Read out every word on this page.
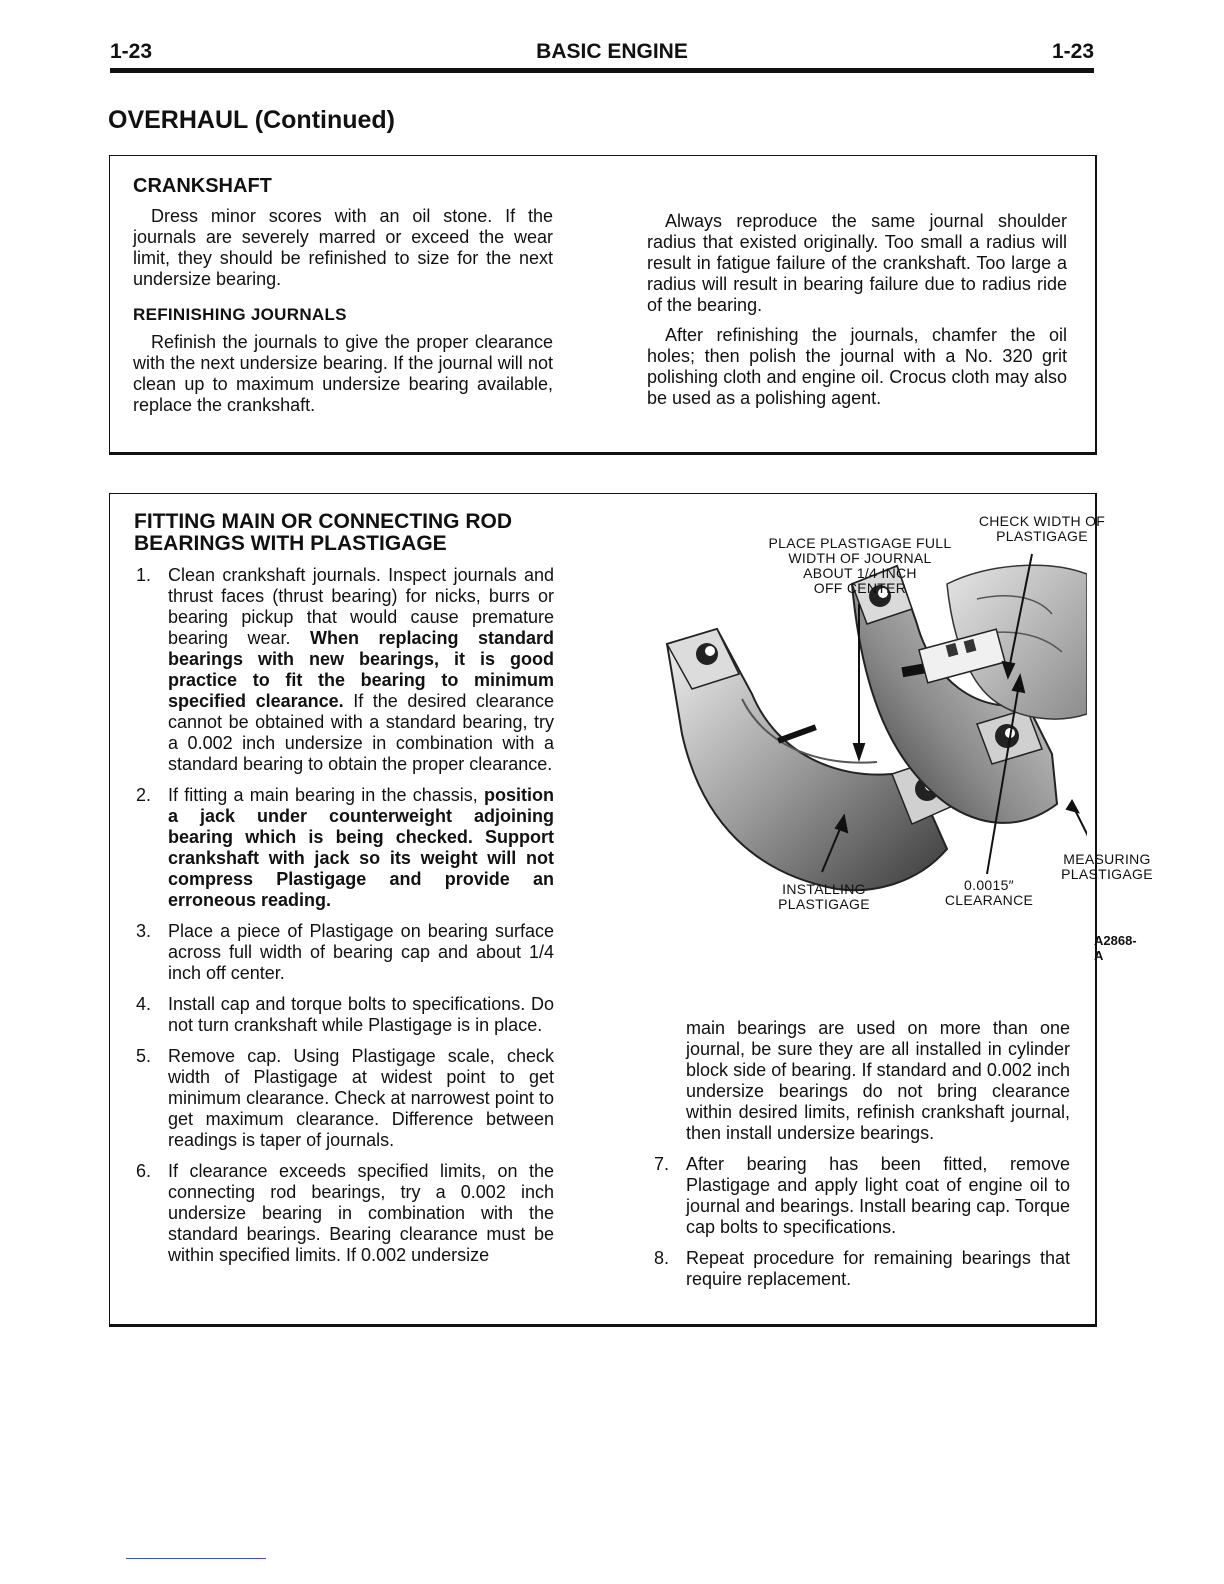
1-23	BASIC ENGINE	1-23
OVERHAUL (Continued)
CRANKSHAFT

Dress minor scores with an oil stone. If the journals are severely marred or exceed the wear limit, they should be refinished to size for the next undersize bearing.

REFINISHING JOURNALS

Refinish the journals to give the proper clearance with the next undersize bearing. If the journal will not clean up to maximum undersize bearing available, replace the crankshaft.

Always reproduce the same journal shoulder radius that existed originally. Too small a radius will result in fatigue failure of the crankshaft. Too large a radius will result in bearing failure due to radius ride of the bearing.

After refinishing the journals, chamfer the oil holes; then polish the journal with a No. 320 grit polishing cloth and engine oil. Crocus cloth may also be used as a polishing agent.

FITTING MAIN OR CONNECTING ROD
BEARINGS WITH PLASTIGAGE
1. Clean crankshaft journals. Inspect journals and thrust faces (thrust bearing) for nicks, burrs or bearing pickup that would cause premature bearing wear. When replacing standard bearings with new bearings, it is good practice to fit the bearing to minimum specified clearance. If the desired clearance cannot be obtained with a standard bearing, try a 0.002 inch undersize in combination with a standard bearing to obtain the proper clearance.
2. If fitting a main bearing in the chassis, position a jack under counterweight adjoining bearing which is being checked. Support crankshaft with jack so its weight will not compress Plastigage and provide an erroneous reading.
3. Place a piece of Plastigage on bearing surface across full width of bearing cap and about 1/4 inch off center.
4. Install cap and torque bolts to specifications. Do not turn crankshaft while Plastigage is in place.
5. Remove cap. Using Plastigage scale, check width of Plastigage at widest point to get minimum clearance. Check at narrowest point to get maximum clearance. Difference between readings is taper of journals.
6. If clearance exceeds specified limits, on the connecting rod bearings, try a 0.002 inch undersize bearing in combination with the standard bearings. Bearing clearance must be within specified limits. If 0.002 undersize
PLACE PLASTIGAGE FULL
WIDTH OF JOURNAL
ABOUT 1/4 INCH
OFF CENTER
CHECK WIDTH OF
PLASTIGAGE
INSTALLING
PLASTIGAGE
0.0015″
CLEARANCE
MEASURING
PLASTIGAGE
A2868-A

main bearings are used on more than one journal, be sure they are all installed in cylinder block side of bearing. If standard and 0.002 inch undersize bearings do not bring clearance within desired limits, refinish crankshaft journal, then install undersize bearings.

7. After bearing has been fitted, remove Plastigage and apply light coat of engine oil to journal and bearings. Install bearing cap. Torque cap bolts to specifications.
8. Repeat procedure for remaining bearings that require replacement.
